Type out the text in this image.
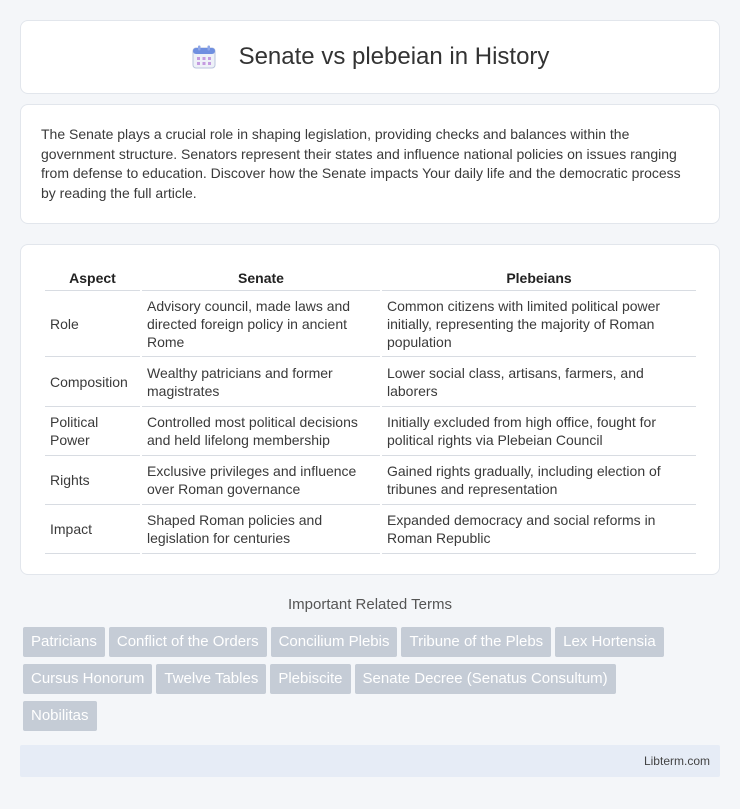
Senate vs plebeian in History

The Senate plays a crucial role in shaping legislation, providing checks and balances within the government structure. Senators represent their states and influence national policies on issues ranging from defense to education. Discover how the Senate impacts Your daily life and the democratic process by reading the full article.

Aspect	Senate	Plebeians
Role	Advisory council, made laws and directed foreign policy in ancient Rome	Common citizens with limited political power initially, representing the majority of Roman population
Composition	Wealthy patricians and former magistrates	Lower social class, artisans, farmers, and laborers
Political Power	Controlled most political decisions and held lifelong membership	Initially excluded from high office, fought for political rights via Plebeian Council
Rights	Exclusive privileges and influence over Roman governance	Gained rights gradually, including election of tribunes and representation
Impact	Shaped Roman policies and legislation for centuries	Expanded democracy and social reforms in Roman Republic
Important Related Terms
Patricians Conflict of the Orders Concilium Plebis Tribune of the Plebs Lex Hortensia
Cursus Honorum Twelve Tables Plebiscite Senate Decree (Senatus Consultum)
Nobilitas
Libterm.com
